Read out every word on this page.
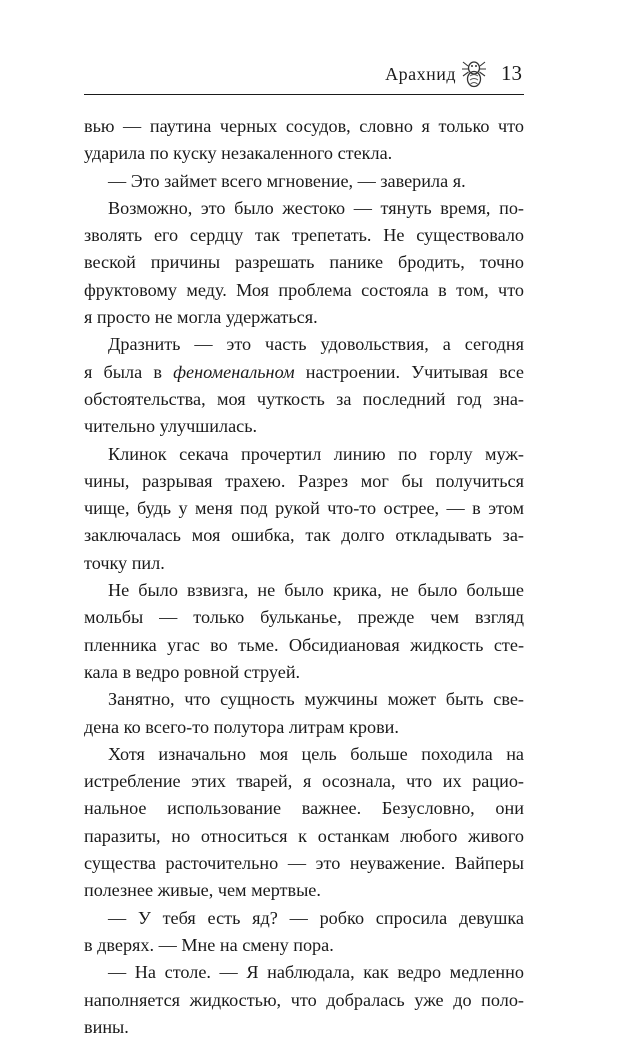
Арахнид 13
вью — паутина черных сосудов, словно я только что
ударила по куску незакаленного стекла.
— Это займет всего мгновение, — заверила я.
Возможно, это было жестоко — тянуть время, по-
зволять его сердцу так трепетать. Не существовало
веской причины разрешать панике бродить, точно
фруктовому меду. Моя проблема состояла в том, что
я просто не могла удержаться.
Дразнить — это часть удовольствия, а сегодня
я была в феноменальном настроении. Учитывая все
обстоятельства, моя чуткость за последний год зна-
чительно улучшилась.
Клинок секача прочертил линию по горлу муж-
чины, разрывая трахею. Разрез мог бы получиться
чище, будь у меня под рукой что-то острее, — в этом
заключалась моя ошибка, так долго откладывать за-
точку пил.
Не было взвизга, не было крика, не было больше
мольбы — только бульканье, прежде чем взгляд
пленника угас во тьме. Обсидиановая жидкость сте-
кала в ведро ровной струей.
Занятно, что сущность мужчины может быть све-
дена ко всего-то полутора литрам крови.
Хотя изначально моя цель больше походила на
истребление этих тварей, я осознала, что их рацио-
нальное использование важнее. Безусловно, они
паразиты, но относиться к останкам любого живого
существа расточительно — это неуважение. Вайперы
полезнее живые, чем мертвые.
— У тебя есть яд? — робко спросила девушка
в дверях. — Мне на смену пора.
— На столе. — Я наблюдала, как ведро медленно
наполняется жидкостью, что добралась уже до поло-
вины.
